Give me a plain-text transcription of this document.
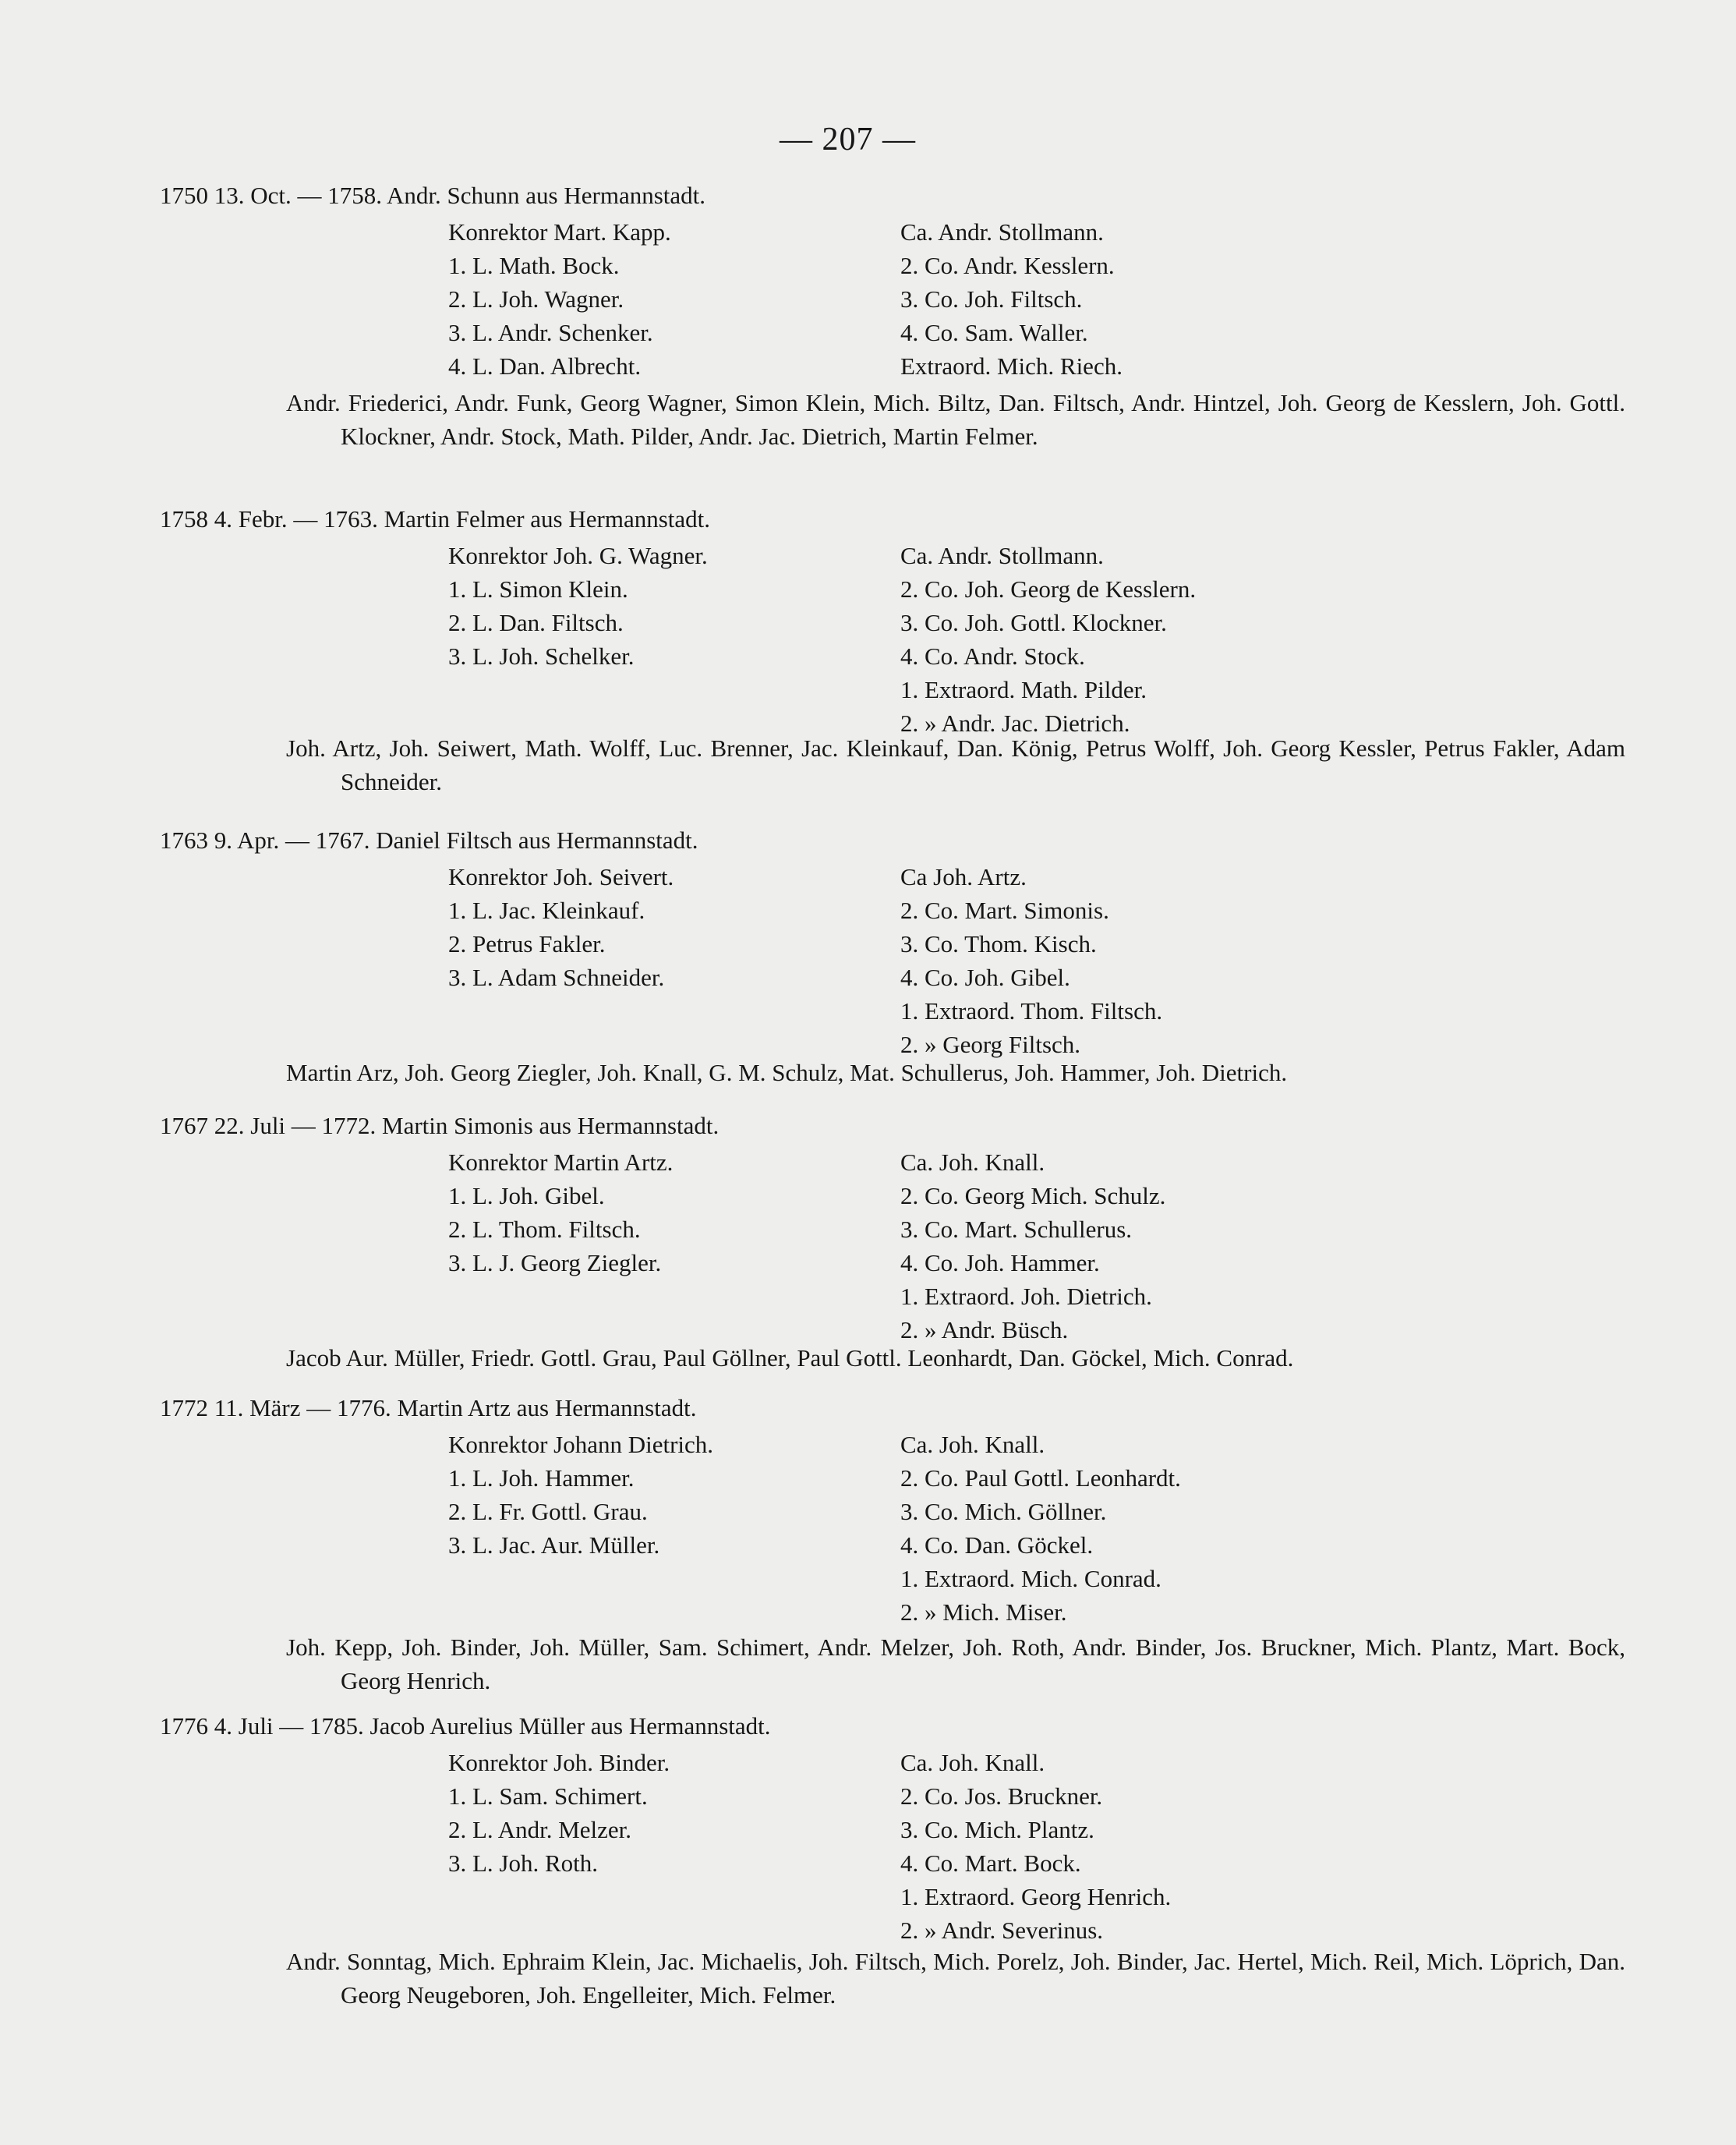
— 207 —
1750 13. Oct. — 1758. Andr. Schunn aus Hermannstadt.
Konrektor Mart. Kapp.
1. L. Math. Bock.
2. L. Joh. Wagner.
3. L. Andr. Schenker.
4. L. Dan. Albrecht.
Ca. Andr. Stollmann.
2. Co. Andr. Kesslern.
3. Co. Joh. Filtsch.
4. Co. Sam. Waller.
Extraord. Mich. Riech.
Andr. Friederici, Andr. Funk, Georg Wagner, Simon Klein, Mich. Biltz, Dan. Filtsch, Andr. Hintzel, Joh. Georg de Kesslern, Joh. Gottl. Klockner, Andr. Stock, Math. Pilder, Andr. Jac. Dietrich, Martin Felmer.
1758 4. Febr. — 1763. Martin Felmer aus Hermannstadt.
Konrektor Joh. G. Wagner.
1. L. Simon Klein.
2. L. Dan. Filtsch.
3. L. Joh. Schelker.
Ca. Andr. Stollmann.
2. Co. Joh. Georg de Kesslern.
3. Co. Joh. Gottl. Klockner.
4. Co. Andr. Stock.
1. Extraord. Math. Pilder.
2. » Andr. Jac. Dietrich.
Joh. Artz, Joh. Seiwert, Math. Wolff, Luc. Brenner, Jac. Kleinkauf, Dan. König, Petrus Wolff, Joh. Georg Kessler, Petrus Fakler, Adam Schneider.
1763 9. Apr. — 1767. Daniel Filtsch aus Hermannstadt.
Konrektor Joh. Seivert.
1. L. Jac. Kleinkauf.
2. Petrus Fakler.
3. L. Adam Schneider.
Ca Joh. Artz.
2. Co. Mart. Simonis.
3. Co. Thom. Kisch.
4. Co. Joh. Gibel.
1. Extraord. Thom. Filtsch.
2. » Georg Filtsch.
Martin Arz, Joh. Georg Ziegler, Joh. Knall, G. M. Schulz, Mat. Schullerus, Joh. Hammer, Joh. Dietrich.
1767 22. Juli — 1772. Martin Simonis aus Hermannstadt.
Konrektor Martin Artz.
1. L. Joh. Gibel.
2. L. Thom. Filtsch.
3. L. J. Georg Ziegler.
Ca. Joh. Knall.
2. Co. Georg Mich. Schulz.
3. Co. Mart. Schullerus.
4. Co. Joh. Hammer.
1. Extraord. Joh. Dietrich.
2. » Andr. Büsch.
Jacob Aur. Müller, Friedr. Gottl. Grau, Paul Göllner, Paul Gottl. Leonhardt, Dan. Göckel, Mich. Conrad.
1772 11. März — 1776. Martin Artz aus Hermannstadt.
Konrektor Johann Dietrich.
1. L. Joh. Hammer.
2. L. Fr. Gottl. Grau.
3. L. Jac. Aur. Müller.
Ca. Joh. Knall.
2. Co. Paul Gottl. Leonhardt.
3. Co. Mich. Göllner.
4. Co. Dan. Göckel.
1. Extraord. Mich. Conrad.
2. » Mich. Miser.
Joh. Kepp, Joh. Binder, Joh. Müller, Sam. Schimert, Andr. Melzer, Joh. Roth, Andr. Binder, Jos. Bruckner, Mich. Plantz, Mart. Bock, Georg Henrich.
1776 4. Juli — 1785. Jacob Aurelius Müller aus Hermannstadt.
Konrektor Joh. Binder.
1. L. Sam. Schimert.
2. L. Andr. Melzer.
3. L. Joh. Roth.
Ca. Joh. Knall.
2. Co. Jos. Bruckner.
3. Co. Mich. Plantz.
4. Co. Mart. Bock.
1. Extraord. Georg Henrich.
2. » Andr. Severinus.
Andr. Sonntag, Mich. Ephraim Klein, Jac. Michaelis, Joh. Filtsch, Mich. Porelz, Joh. Binder, Jac. Hertel, Mich. Reil, Mich. Löprich, Dan. Georg Neugeboren, Joh. Engelleiter, Mich. Felmer.
